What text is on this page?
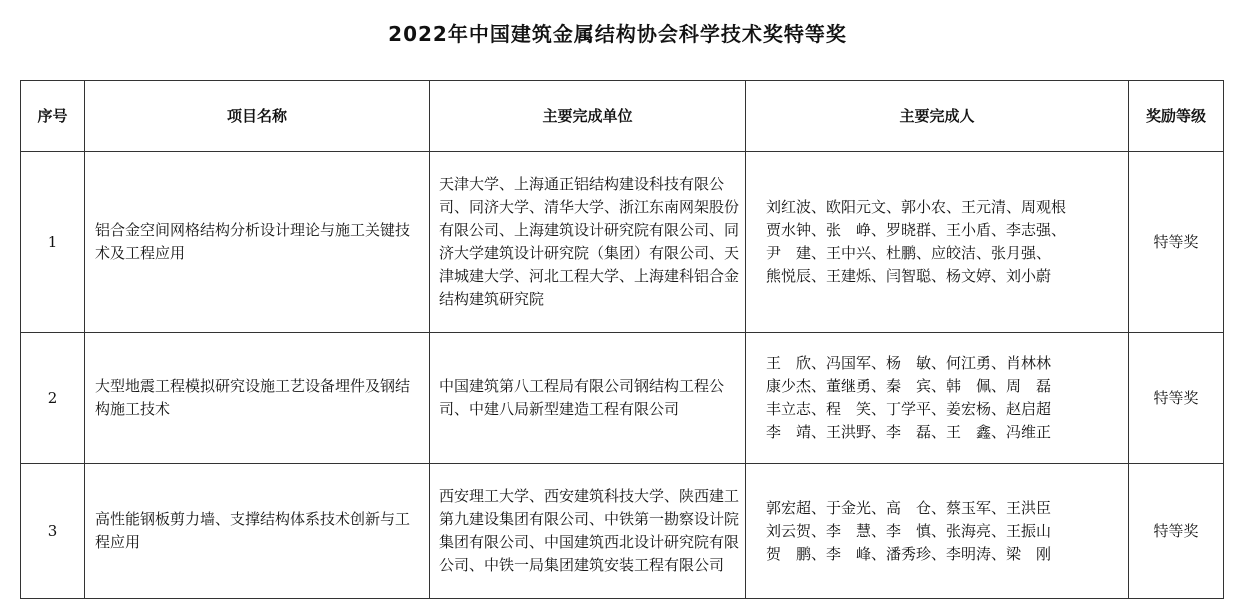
2022年中国建筑金属结构协会科学技术奖特等奖
序号	项目名称	主要完成单位	主要完成人	奖励等级
1	铝合金空间网格结构分析设计理论与施工关键技术及工程应用	天津大学、上海通正铝结构建设科技有限公司、同济大学、清华大学、浙江东南网架股份有限公司、上海建筑设计研究院有限公司、同济大学建筑设计研究院（集团）有限公司、天津城建大学、河北工程大学、上海建科铝合金结构建筑研究院	刘红波、欧阳元文、郭小农、王元清、周观根
贾水钟、张　峥、罗晓群、王小盾、李志强、
尹　建、王中兴、杜鹏、应皎洁、张月强、
熊悦辰、王建烁、闫智聪、杨文婷、刘小蔚	特等奖
2	大型地震工程模拟研究设施工艺设备埋件及钢结构施工技术	中国建筑第八工程局有限公司钢结构工程公司、中建八局新型建造工程有限公司	王　欣、冯国军、杨　敏、何江勇、肖林林
康少杰、董继勇、秦　宾、韩　佩、周　磊
丰立志、程　笑、丁学平、姜宏杨、赵启超
李　靖、王洪野、李　磊、王　鑫、冯维正	特等奖
3	高性能钢板剪力墙、支撑结构体系技术创新与工程应用	西安理工大学、西安建筑科技大学、陕西建工第九建设集团有限公司、中铁第一勘察设计院集团有限公司、中国建筑西北设计研究院有限公司、中铁一局集团建筑安装工程有限公司	郭宏超、于金光、高　仓、蔡玉军、王洪臣
刘云贺、李　慧、李　慎、张海亮、王振山
贺　鹏、李　峰、潘秀珍、李明涛、梁　刚	特等奖
